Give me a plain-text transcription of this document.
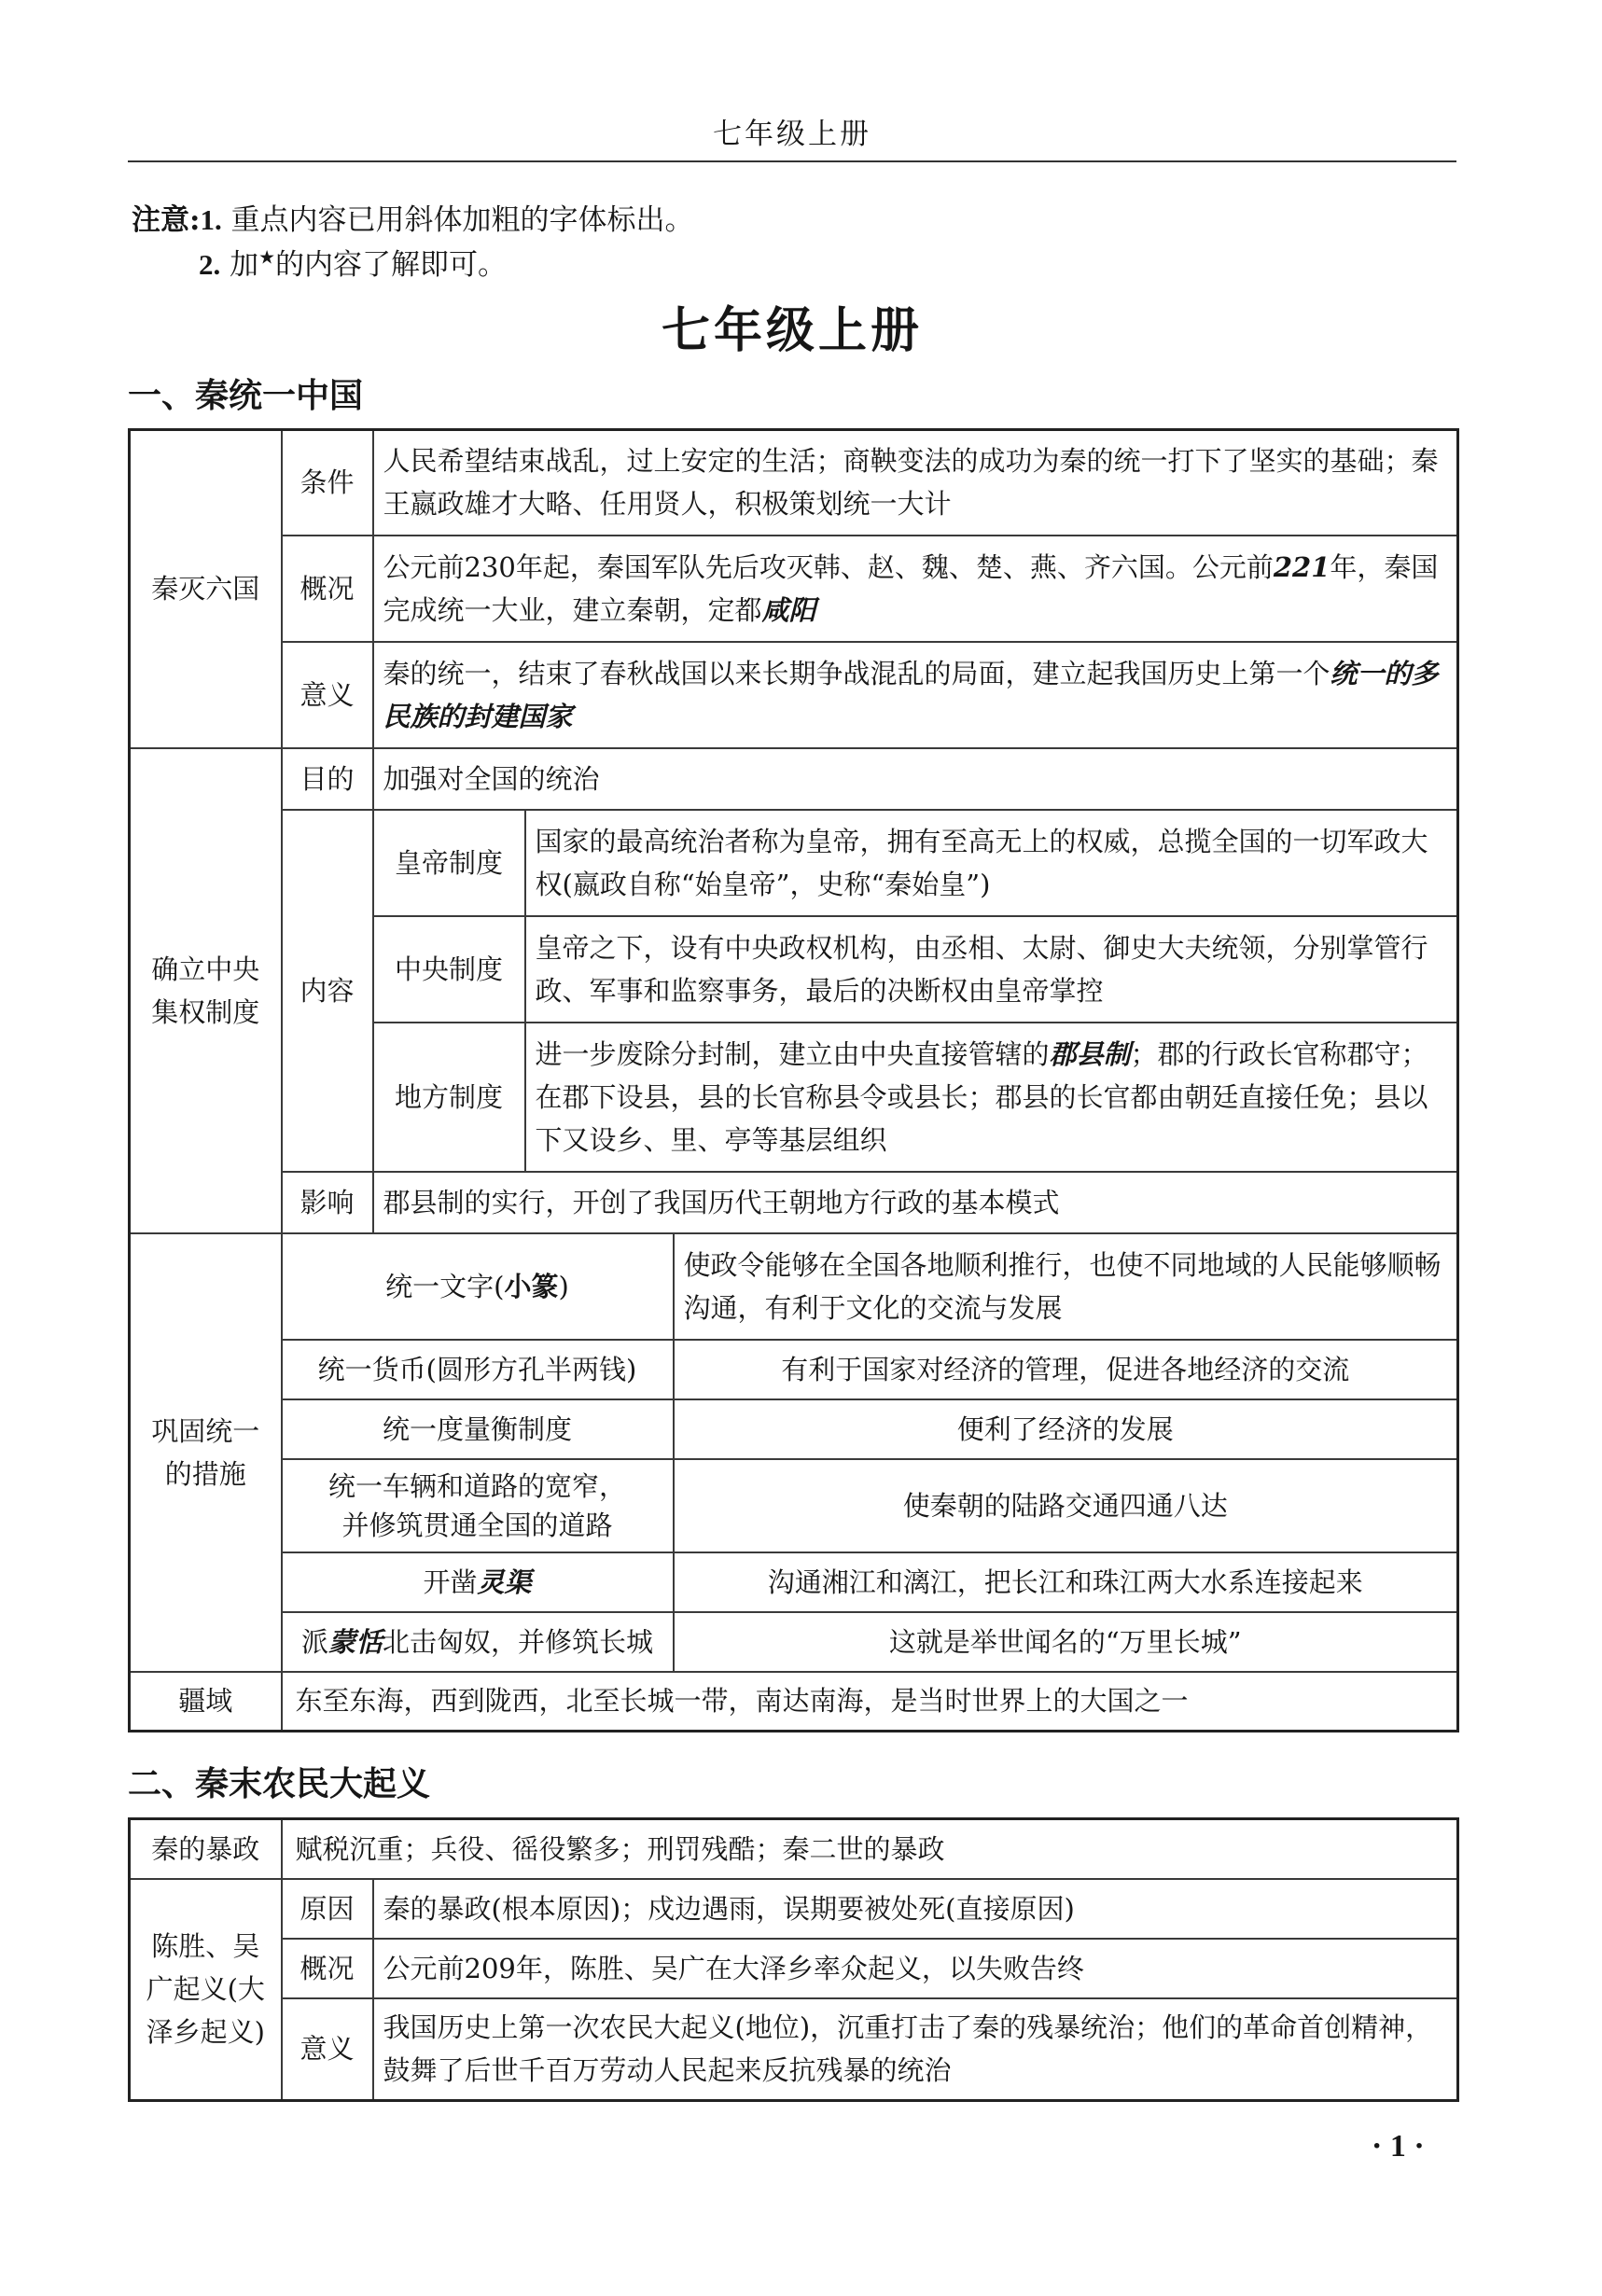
七年级上册
注意:1. 重点内容已用斜体加粗的字体标出。
2. 加★的内容了解即可。
七年级上册
一、秦统一中国
秦灭六国	条件	人民希望结束战乱，过上安定的生活；商鞅变法的成功为秦的统一打下了坚实的基础；秦王嬴政雄才大略、任用贤人，积极策划统一大计		
	概况	公元前230年起，秦国军队先后攻灭韩、赵、魏、楚、燕、齐六国。公元前221年，秦国完成统一大业，建立秦朝，定都咸阳		
	意义	秦的统一，结束了春秋战国以来长期争战混乱的局面，建立起我国历史上第一个统一的多民族的封建国家		
确立中央集权制度	目的	加强对全国的统治		
	内容	皇帝制度	国家的最高统治者称为皇帝，拥有至高无上的权威，总揽全国的一切军政大权(嬴政自称“始皇帝”，史称“秦始皇”)	
		中央制度	皇帝之下，设有中央政权机构，由丞相、太尉、御史大夫统领，分别掌管行政、军事和监察事务，最后的决断权由皇帝掌控	
		地方制度	进一步废除分封制，建立由中央直接管辖的郡县制；郡的行政长官称郡守；在郡下设县，县的长官称县令或县长；郡县的长官都由朝廷直接任免；县以下又设乡、里、亭等基层组织	
	影响	郡县制的实行，开创了我国历代王朝地方行政的基本模式		
巩固统一的措施	统一文字(小篆)			使政令能够在全国各地顺利推行，也使不同地域的人民能够顺畅沟通，有利于文化的交流与发展
	统一货币(圆形方孔半两钱)			有利于国家对经济的管理，促进各地经济的交流
	统一度量衡制度			便利了经济的发展

	统一车辆和道路的宽窄，
并修筑贯通全国的道路			使秦朝的陆路交通四通八达
	开凿灵渠			沟通湘江和漓江，把长江和珠江两大水系连接起来
	派蒙恬北击匈奴，并修筑长城			这就是举世闻名的“万里长城”
疆域	东至东海，西到陇西，北至长城一带，南达南海，是当时世界上的大国之一			
二、秦末农民大起义
秦的暴政	赋税沉重；兵役、徭役繁多；刑罚残酷；秦二世的暴政	
陈胜、吴广起义(大泽乡起义)	原因	秦的暴政(根本原因)；戍边遇雨，误期要被处死(直接原因)
	概况	公元前209年，陈胜、吴广在大泽乡率众起义，以失败告终
	意义	我国历史上第一次农民大起义(地位)，沉重打击了秦的残暴统治；他们的革命首创精神，鼓舞了后世千百万劳动人民起来反抗残暴的统治
· 1 ·
